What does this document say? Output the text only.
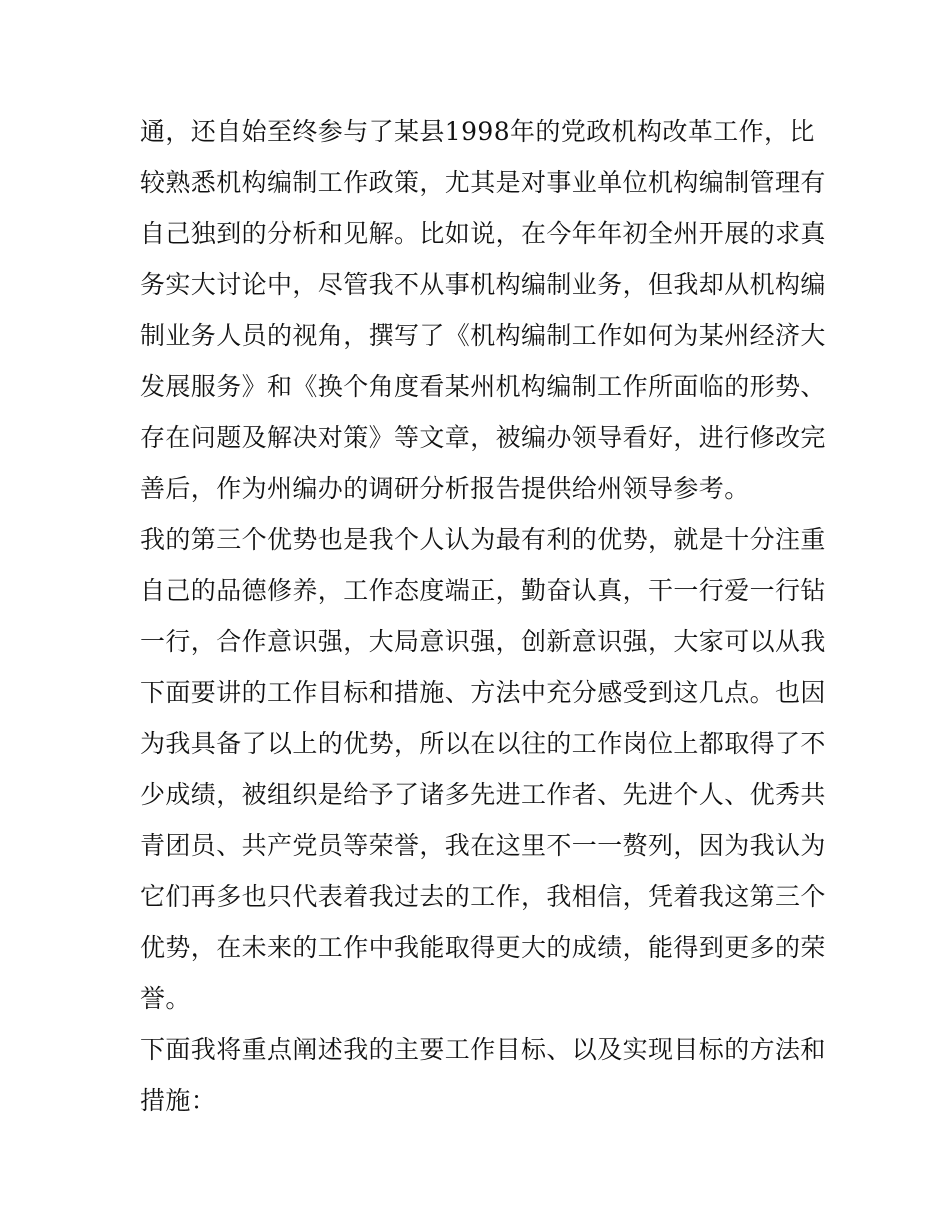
通，还自始至终参与了某县1998年的党政机构改革工作，比
较熟悉机构编制工作政策，尤其是对事业单位机构编制管理有
自己独到的分析和见解。比如说，在今年年初全州开展的求真
务实大讨论中，尽管我不从事机构编制业务，但我却从机构编
制业务人员的视角，撰写了《机构编制工作如何为某州经济大
发展服务》和《换个角度看某州机构编制工作所面临的形势、
存在问题及解决对策》等文章，被编办领导看好，进行修改完
善后，作为州编办的调研分析报告提供给州领导参考。
我的第三个优势也是我个人认为最有利的优势，就是十分注重
自己的品德修养，工作态度端正，勤奋认真，干一行爱一行钻
一行，合作意识强，大局意识强，创新意识强，大家可以从我
下面要讲的工作目标和措施、方法中充分感受到这几点。也因
为我具备了以上的优势，所以在以往的工作岗位上都取得了不
少成绩，被组织是给予了诸多先进工作者、先进个人、优秀共
青团员、共产党员等荣誉，我在这里不一一赘列，因为我认为
它们再多也只代表着我过去的工作，我相信，凭着我这第三个
优势，在未来的工作中我能取得更大的成绩，能得到更多的荣
誉。
下面我将重点阐述我的主要工作目标、以及实现目标的方法和
措施：
